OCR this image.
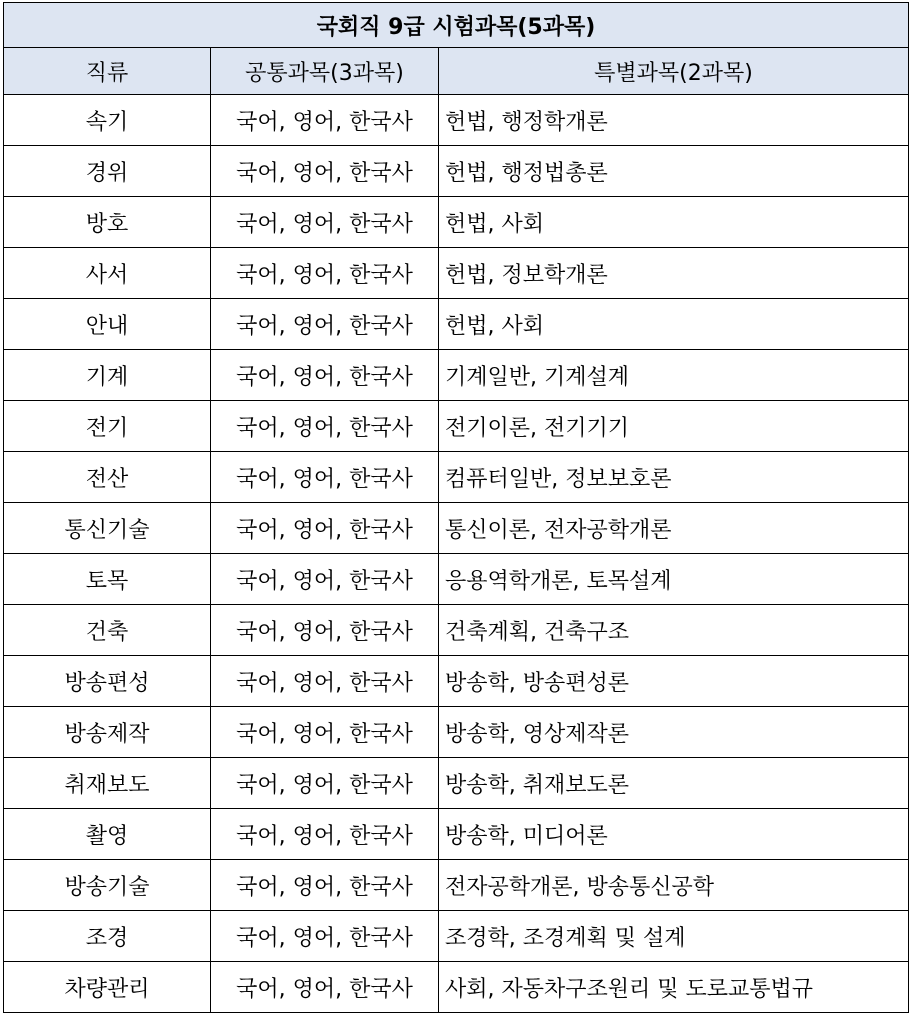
국회직 9급 시험과목(5과목)		
직류	공통과목(3과목)	특별과목(2과목)
속기	국어, 영어, 한국사	헌법, 행정학개론
경위	국어, 영어, 한국사	헌법, 행정법총론
방호	국어, 영어, 한국사	헌법, 사회
사서	국어, 영어, 한국사	헌법, 정보학개론
안내	국어, 영어, 한국사	헌법, 사회
기계	국어, 영어, 한국사	기계일반, 기계설계
전기	국어, 영어, 한국사	전기이론, 전기기기
전산	국어, 영어, 한국사	컴퓨터일반, 정보보호론
통신기술	국어, 영어, 한국사	통신이론, 전자공학개론
토목	국어, 영어, 한국사	응용역학개론, 토목설계
건축	국어, 영어, 한국사	건축계획, 건축구조
방송편성	국어, 영어, 한국사	방송학, 방송편성론
방송제작	국어, 영어, 한국사	방송학, 영상제작론
취재보도	국어, 영어, 한국사	방송학, 취재보도론
촬영	국어, 영어, 한국사	방송학, 미디어론
방송기술	국어, 영어, 한국사	전자공학개론, 방송통신공학
조경	국어, 영어, 한국사	조경학, 조경계획 및 설계
차량관리	국어, 영어, 한국사	사회, 자동차구조원리 및 도로교통법규
